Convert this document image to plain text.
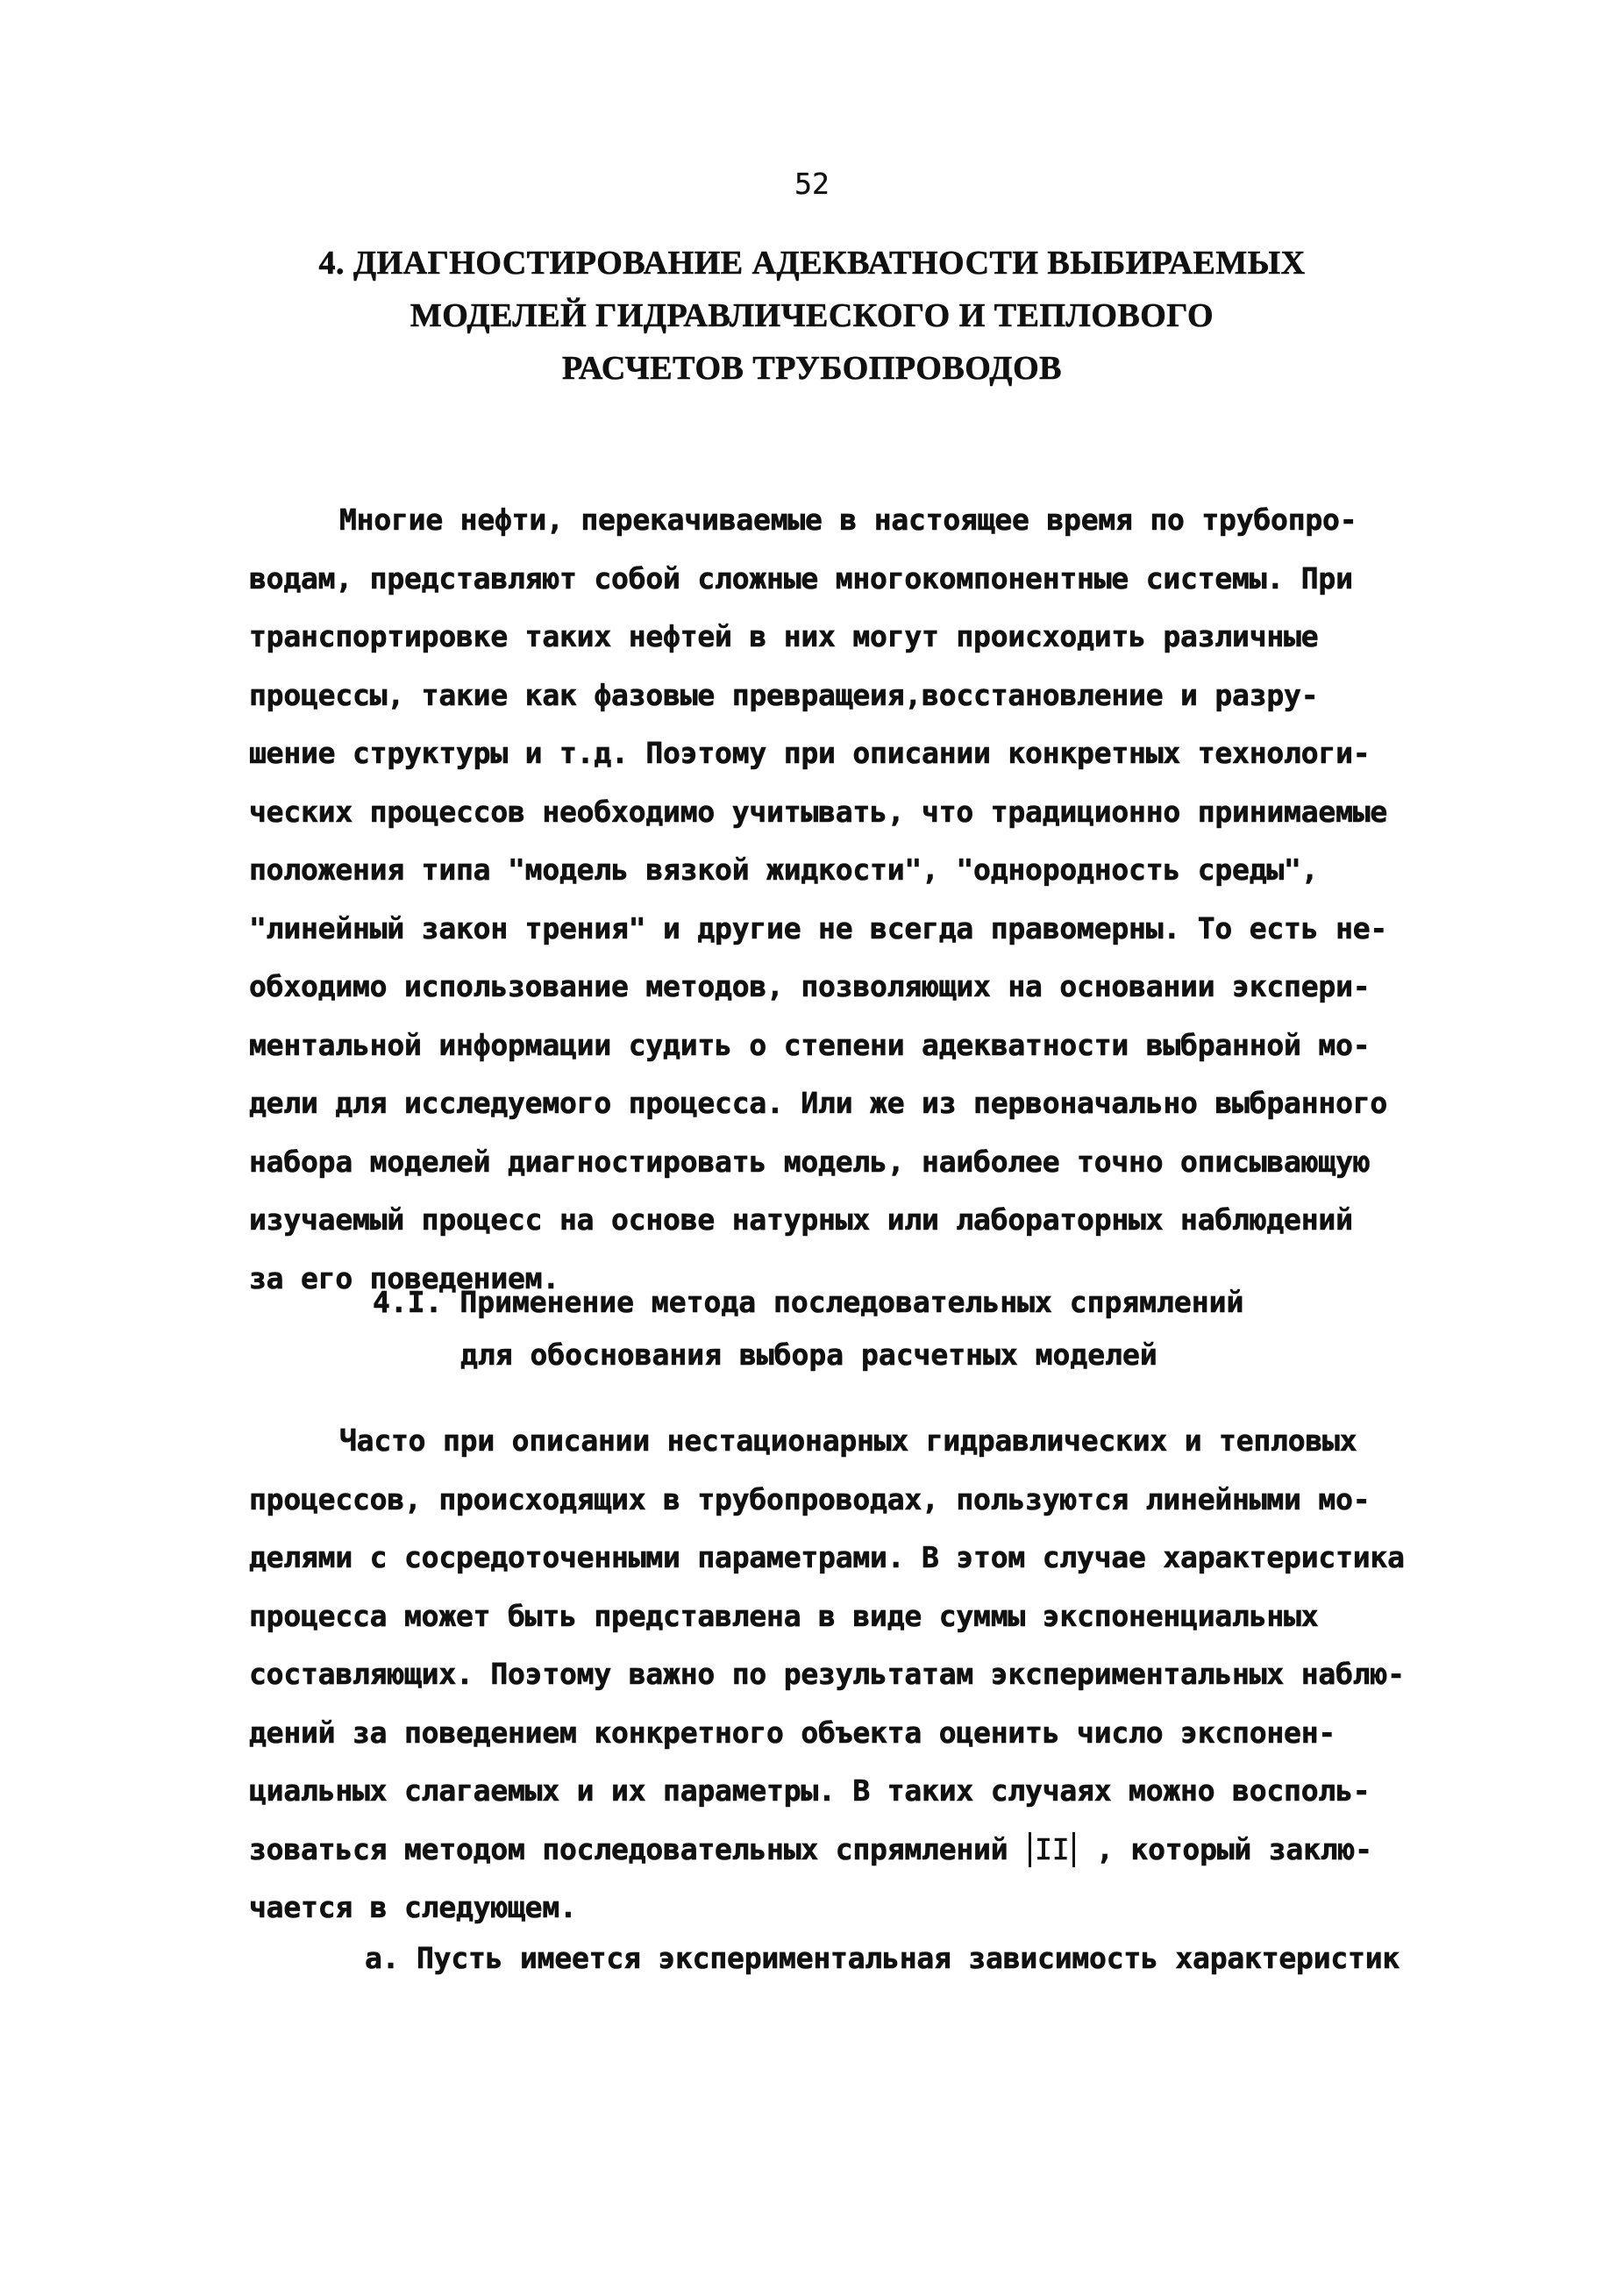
52
4. ДИАГНОСТИРОВАНИЕ АДЕКВАТНОСТИ ВЫБИРАЕМЫХ
МОДЕЛЕЙ ГИДРАВЛИЧЕСКОГО И ТЕПЛОВОГО
РАСЧЕТОВ ТРУБОПРОВОДОВ
Многие нефти, перекачиваемые в настоящее время по трубопро-
водам, представляют собой сложные многокомпонентные системы. При
транспортировке таких нефтей в них могут происходить различные
процессы, такие как фазовые превращеия,восстановление и разру-
шение структуры и т.д. Поэтому при описании конкретных технологи-
ческих процессов необходимо учитывать, что традиционно принимаемые
положения типа "модель вязкой жидкости", "однородность среды",
"линейный закон трения" и другие не всегда правомерны. То есть не-
обходимо использование методов, позволяющих на основании экспери-
ментальной информации судить о степени адекватности выбранной мо-
дели для исследуемого процесса. Или же из первоначально выбранного
набора моделей диагностировать модель, наиболее точно описывающую
изучаемый процесс на основе натурных или лабораторных наблюдений
за его поведением.
4.I. Применение метода последовательных спрямлений
для обоснования выбора расчетных моделей
Часто при описании нестационарных гидравлических и тепловых
процессов, происходящих в трубопроводах, пользуются линейными мо-
делями с сосредоточенными параметрами. В этом случае характеристика
процесса может быть представлена в виде суммы экспоненциальных
составляющих. Поэтому важно по результатам экспериментальных наблю-
дений за поведением конкретного объекта оценить число экспонен-
циальных слагаемых и их параметры. В таких случаях можно восполь-
зоваться методом последовательных спрямлений II , который заклю-
чается в следующем.
а. Пусть имеется экспериментальная зависимость характеристик
